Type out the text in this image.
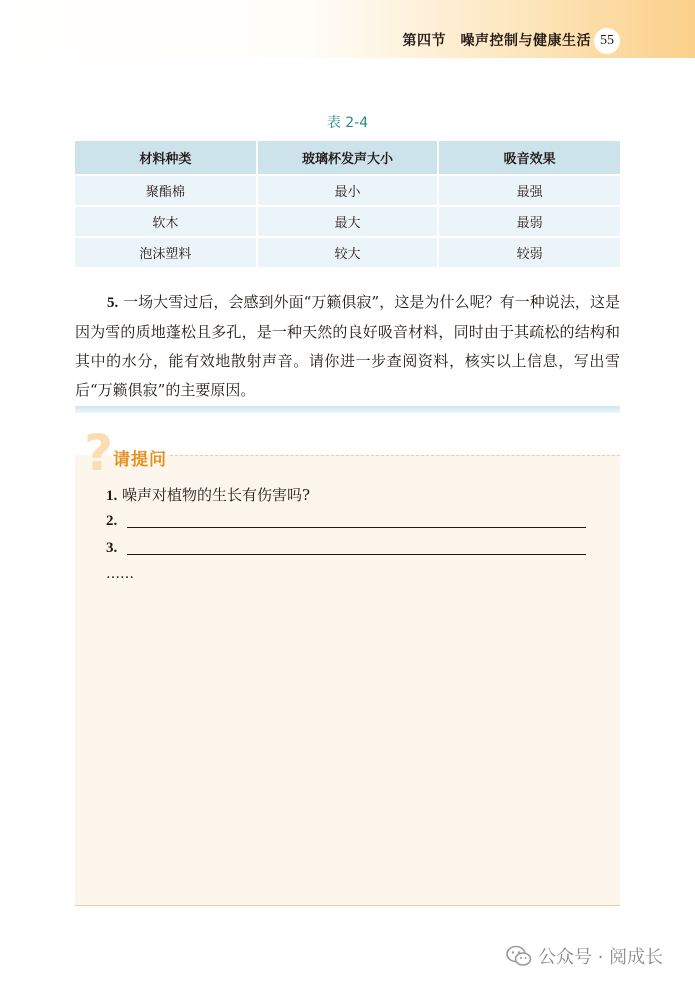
第四节　噪声控制与健康生活 55
表 2-4
材料种类	玻璃杯发声大小	吸音效果
聚酯棉	最小	最强
软木	最大	最弱
泡沫塑料	较大	较弱
5. 一场大雪过后，会感到外面“万籁俱寂”，这是为什么呢？有一种说法，这是因为雪的质地蓬松且多孔，是一种天然的良好吸音材料，同时由于其疏松的结构和其中的水分，能有效地散射声音。请你进一步查阅资料，核实以上信息，写出雪后“万籁俱寂”的主要原因。
? 请提问
1. 噪声对植物的生长有伤害吗?
2.
3.
……
公众号 · 阅成长
